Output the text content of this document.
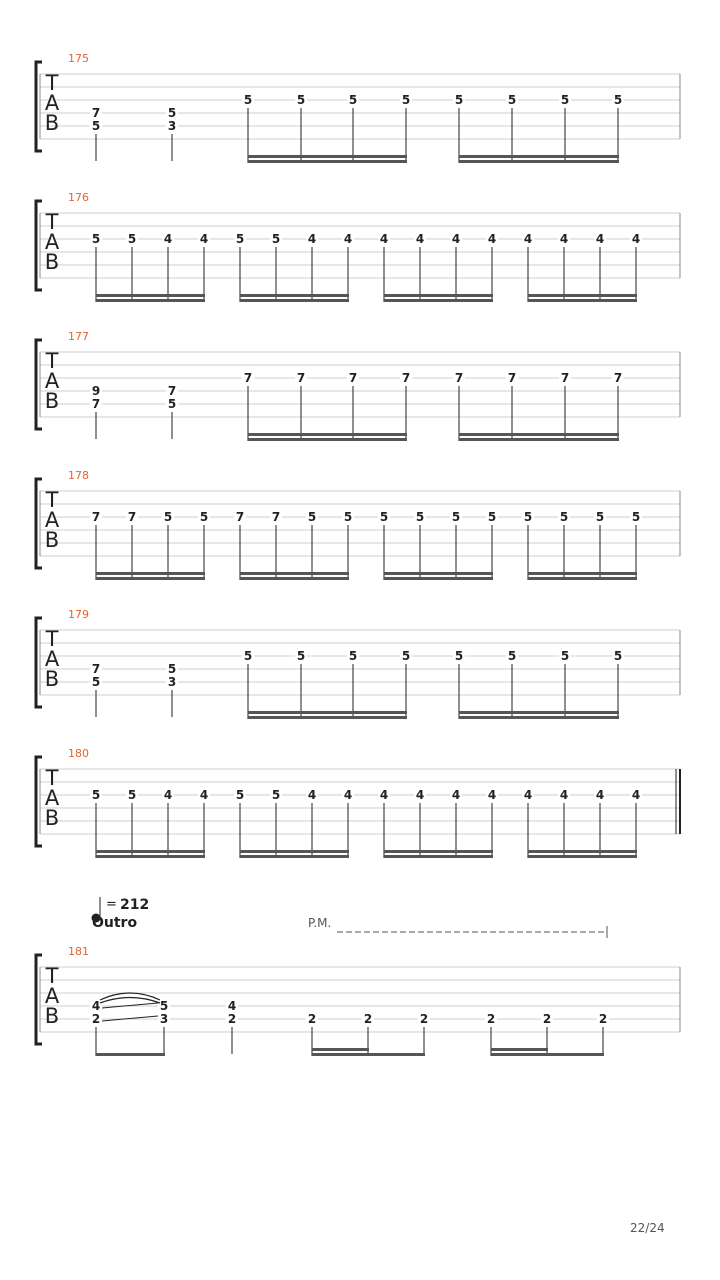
T
A
B
175
7
5
5
3
5	5	5	5	5	5	5	5
T
A
B
176
5 5 4 4 5 5 4 4 4 4 4 4 4 4 4 4
T
A
B
177
9
7
7
5
7	7	7	7	7	7	7	7
T
A
B
178
7 7 5 5 7 7 5 5 5 5 5 5 5 5 5 5
T
A
B
179
7
5
5
3
5	5	5	5	5	5	5	5
T
A
B
180
5 5 4 4 5 5 4 4 4 4 4 4 4 4 4 4
T
A
B
181
4
2
5
3
4
2	2	2	2	2	2	2
= 212
Outro	P.M.
22/24
